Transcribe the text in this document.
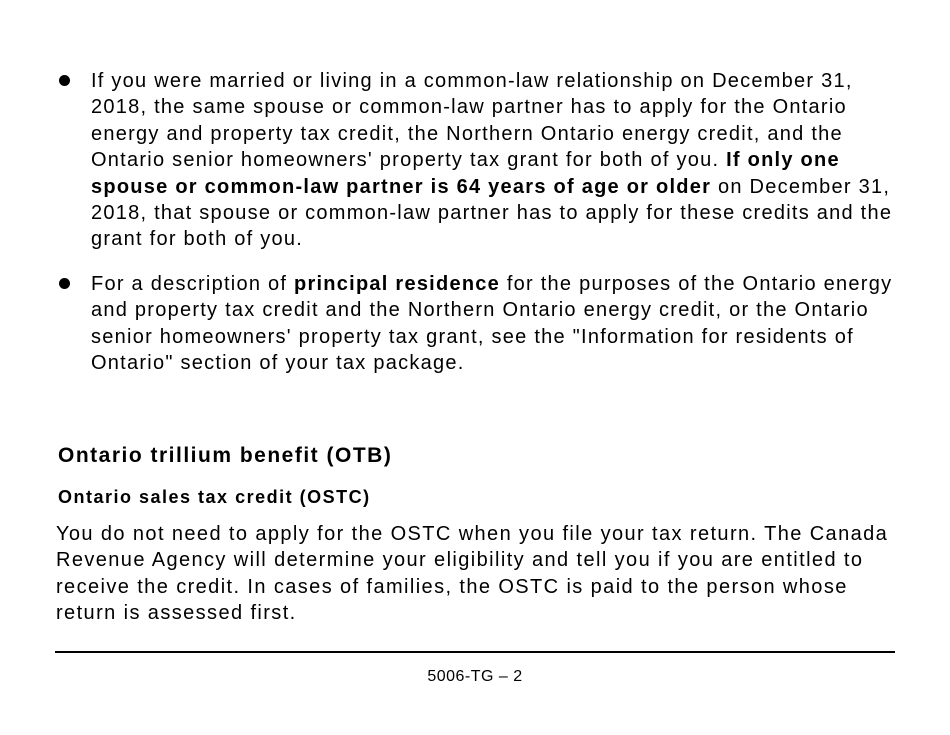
If you were married or living in a common-law relationship on December 31, 2018, the same spouse or common-law partner has to apply for the Ontario energy and property tax credit, the Northern Ontario energy credit, and the Ontario senior homeowners' property tax grant for both of you. If only one spouse or common-law partner is 64 years of age or older on December 31, 2018, that spouse or common-law partner has to apply for these credits and the grant for both of you.
For a description of principal residence for the purposes of the Ontario energy and property tax credit and the Northern Ontario energy credit, or the Ontario senior homeowners' property tax grant, see the "Information for residents of Ontario" section of your tax package.
Ontario trillium benefit (OTB)
Ontario sales tax credit (OSTC)

You do not need to apply for the OSTC when you file your tax return. The Canada Revenue Agency will determine your eligibility and tell you if you are entitled to receive the credit. In cases of families, the OSTC is paid to the person whose return is assessed first.

5006-TG – 2
